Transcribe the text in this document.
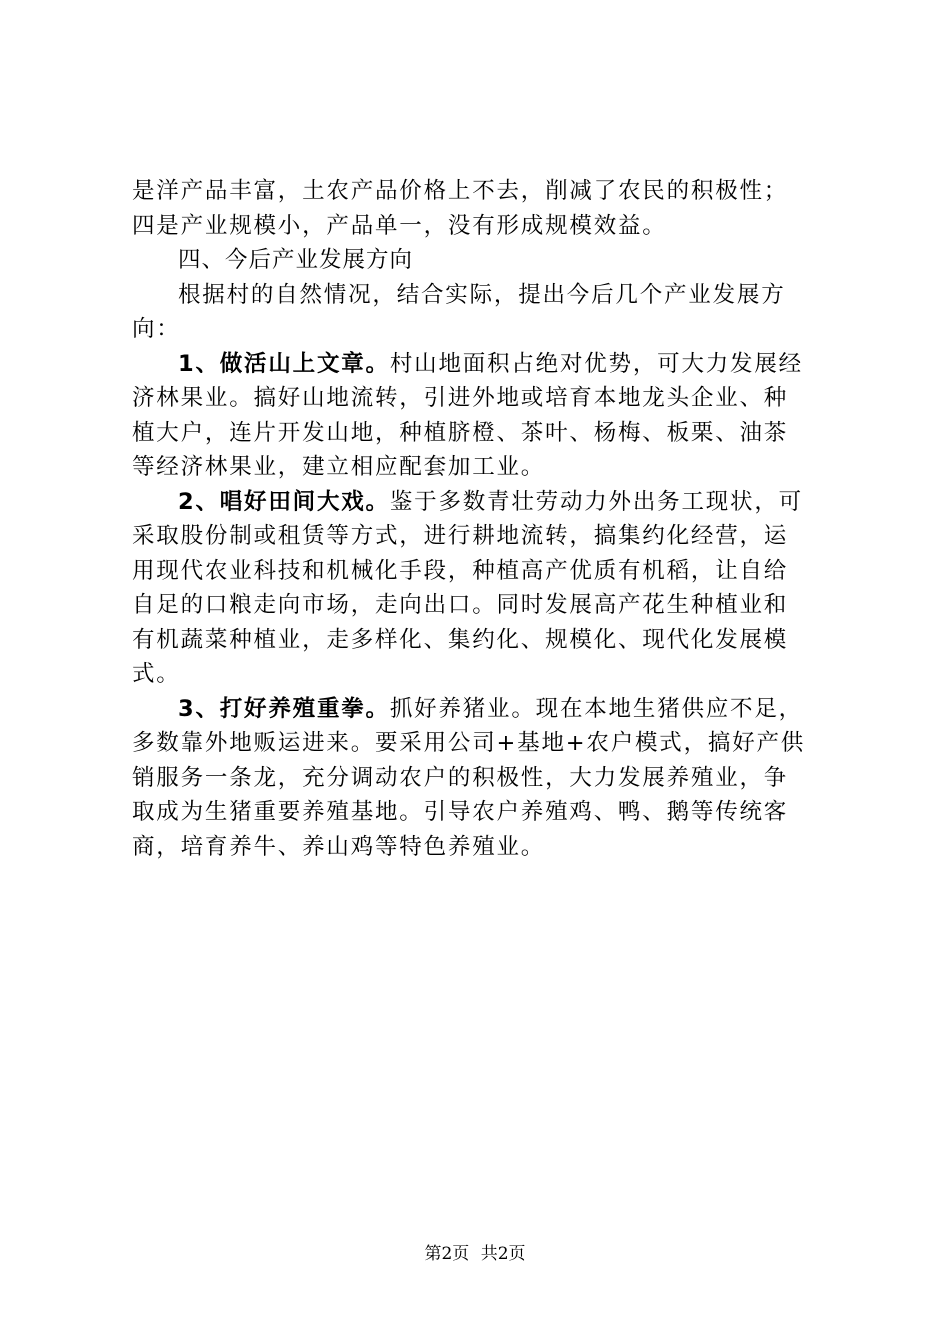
是洋产品丰富，土农产品价格上不去，削减了农民的积极性；
四是产业规模小，产品单一，没有形成规模效益。
四、今后产业发展方向
根据村的自然情况，结合实际，提出今后几个产业发展方
向：
1、做活山上文章。村山地面积占绝对优势，可大力发展经
济林果业。搞好山地流转，引进外地或培育本地龙头企业、种
植大户，连片开发山地，种植脐橙、茶叶、杨梅、板栗、油茶
等经济林果业，建立相应配套加工业。
2、唱好田间大戏。鉴于多数青壮劳动力外出务工现状，可
采取股份制或租赁等方式，进行耕地流转，搞集约化经营，运
用现代农业科技和机械化手段，种植高产优质有机稻，让自给
自足的口粮走向市场，走向出口。同时发展高产花生种植业和
有机蔬菜种植业，走多样化、集约化、规模化、现代化发展模
式。
3、打好养殖重拳。抓好养猪业。现在本地生猪供应不足，
多数靠外地贩运进来。要采用公司+基地+农户模式，搞好产供
销服务一条龙，充分调动农户的积极性，大力发展养殖业，争
取成为生猪重要养殖基地。引导农户养殖鸡、鸭、鹅等传统客
商，培育养牛、养山鸡等特色养殖业。
第2页 共2页
